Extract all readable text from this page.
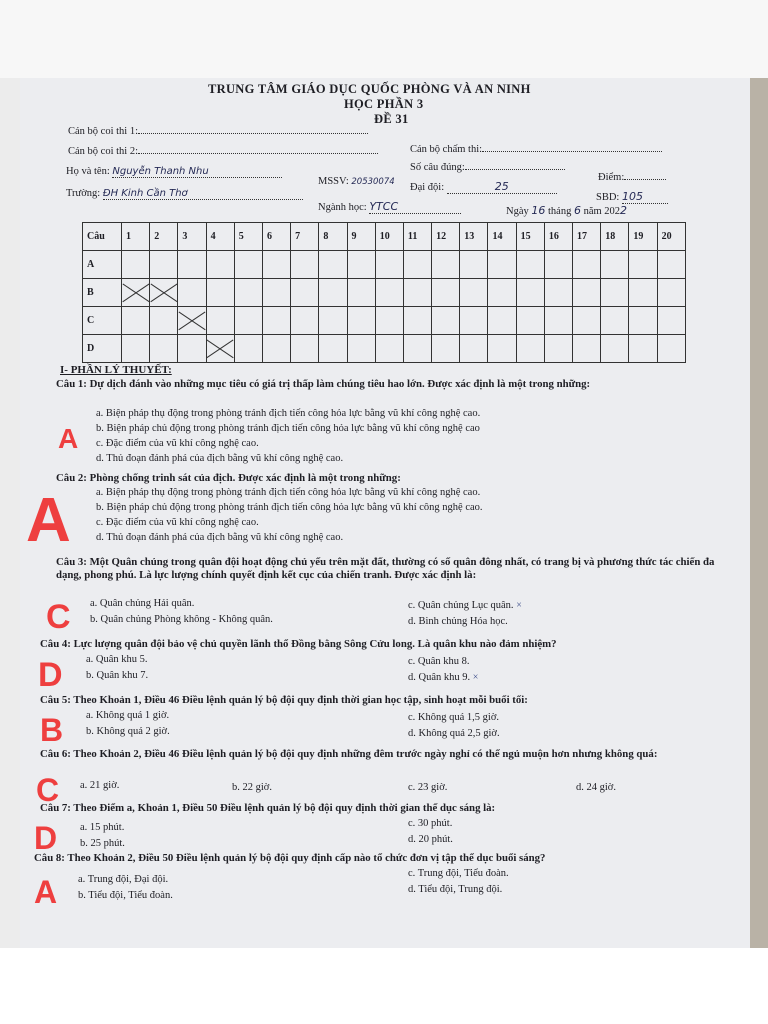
TRUNG TÂM GIÁO DỤC QUỐC PHÒNG VÀ AN NINH
HỌC PHẦN 3
ĐỀ 31
Cán bộ coi thi 1:
Cán bộ coi thi 2:	Cán bộ chấm thi:
Số câu đúng:
Điểm:
Họ và tên: Nguyễn Thanh Nhu
MSSV: 20530074 Đại đội:	25
Trường: ĐH Kinh Cần Thơ	SBD: 105
Ngành học: YTCC	Ngày 16 tháng 6 năm 2022
Câu	1	2	3	4	5	6	7	8	9	10	11	12	13	14	15	16	17	18	19	20
A																				
B																				
C																				
D																				
I- PHẦN LÝ THUYẾT:
Câu 1: Dự dịch đánh vào những mục tiêu có giá trị thấp làm chúng tiêu hao lớn. Được xác định là một trong những:
a. Biện pháp thụ động trong phòng tránh địch tiến công hỏa lực bằng vũ khí công nghệ cao.
b. Biện pháp chủ động trong phòng tránh địch tiến công hỏa lực bằng vũ khí công nghệ cao
c. Đặc điểm của vũ khí công nghệ cao.
d. Thủ đoạn đánh phá của địch bằng vũ khí công nghệ cao.
A
Câu 2: Phòng chống trinh sát của địch. Được xác định là một trong những:
a. Biện pháp thụ động trong phòng tránh địch tiến công hỏa lực bằng vũ khí công nghệ cao.
b. Biện pháp chủ động trong phòng tránh địch tiến công hỏa lực bằng vũ khí công nghệ cao.
c. Đặc điểm của vũ khí công nghệ cao.
d. Thủ đoạn đánh phá của địch bằng vũ khí công nghệ cao.
A
Câu 3: Một Quân chủng trong quân đội hoạt động chủ yếu trên mặt đất, thường có số quân đông nhất, có trang bị và phương thức tác chiến đa dạng, phong phú. Là lực lượng chính quyết định kết cục của chiến tranh. Được xác định là:
a. Quân chủng Hải quân.	c. Quân chủng Lục quân. ×
b. Quân chủng Phòng không - Không quân.	d. Binh chủng Hóa học.
C
Câu 4: Lực lượng quân đội bảo vệ chủ quyền lãnh thổ Đồng bằng Sông Cửu long. Là quân khu nào đảm nhiệm?
a. Quân khu 5.	c. Quân khu 8.
b. Quân khu 7.	d. Quân khu 9. ×
D
Câu 5: Theo Khoản 1, Điều 46 Điều lệnh quản lý bộ đội quy định thời gian học tập, sinh hoạt mỗi buổi tối:
a. Không quá 1 giờ.	c. Không quá 1,5 giờ.
b. Không quá 2 giờ.	d. Không quá 2,5 giờ.
B
Câu 6: Theo Khoản 2, Điều 46 Điều lệnh quản lý bộ đội quy định những đêm trước ngày nghỉ có thể ngủ muộn hơn nhưng không quá:
a. 21 giờ.	b. 22 giờ.	c. 23 giờ.	d. 24 giờ.
C
Câu 7: Theo Điểm a, Khoản 1, Điều 50 Điều lệnh quản lý bộ đội quy định thời gian thể dục sáng là:
a. 15 phút.	c. 30 phút.
b. 25 phút.	d. 20 phút.
D
Câu 8: Theo Khoản 2, Điều 50 Điều lệnh quản lý bộ đội quy định cấp nào tổ chức đơn vị tập thể dục buổi sáng?
a. Trung đội, Đại đội.
c. Trung đội, Tiểu đoàn.
b. Tiểu đội, Tiểu đoàn.
d. Tiểu đội, Trung đội.
A
